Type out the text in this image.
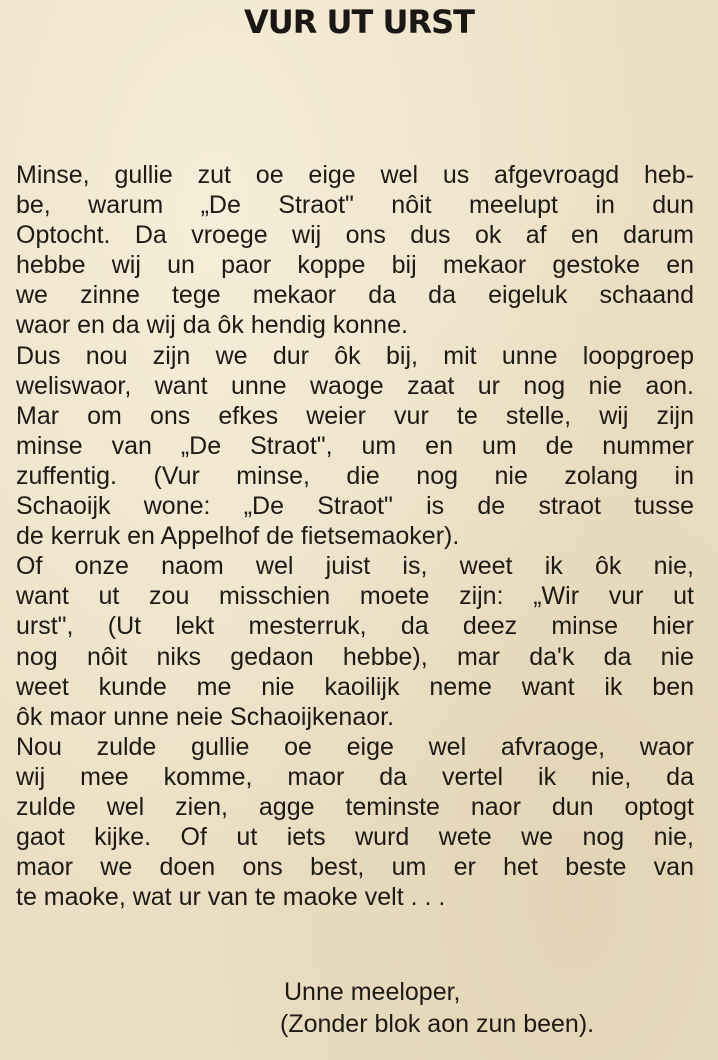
VUR UT URST
Minse, gullie zut oe eige wel us afgevroagd heb-
be, warum „De Straot" nôit meelupt in dun
Optocht. Da vroege wij ons dus ok af en darum
hebbe wij un paor koppe bij mekaor gestoke en
we zinne tege mekaor da da eigeluk schaand
waor en da wij da ôk hendig konne.
Dus nou zijn we dur ôk bij, mit unne loopgroep
weliswaor, want unne waoge zaat ur nog nie aon.
Mar om ons efkes weier vur te stelle, wij zijn
minse van „De Straot", um en um de nummer
zuffentig. (Vur minse, die nog nie zolang in
Schaoijk wone: „De Straot" is de straot tusse
de kerruk en Appelhof de fietsemaoker).
Of onze naom wel juist is, weet ik ôk nie,
want ut zou misschien moete zijn: „Wir vur ut
urst", (Ut lekt mesterruk, da deez minse hier
nog nôit niks gedaon hebbe), mar da'k da nie
weet kunde me nie kaoilijk neme want ik ben
ôk maor unne neie Schaoijkenaor.
Nou zulde gullie oe eige wel afvraoge, waor
wij mee komme, maor da vertel ik nie, da
zulde wel zien, agge teminste naor dun optogt
gaot kijke. Of ut iets wurd wete we nog nie,
maor we doen ons best, um er het beste van
te maoke, wat ur van te maoke velt . . .
Unne meeloper,
(Zonder blok aon zun been).
